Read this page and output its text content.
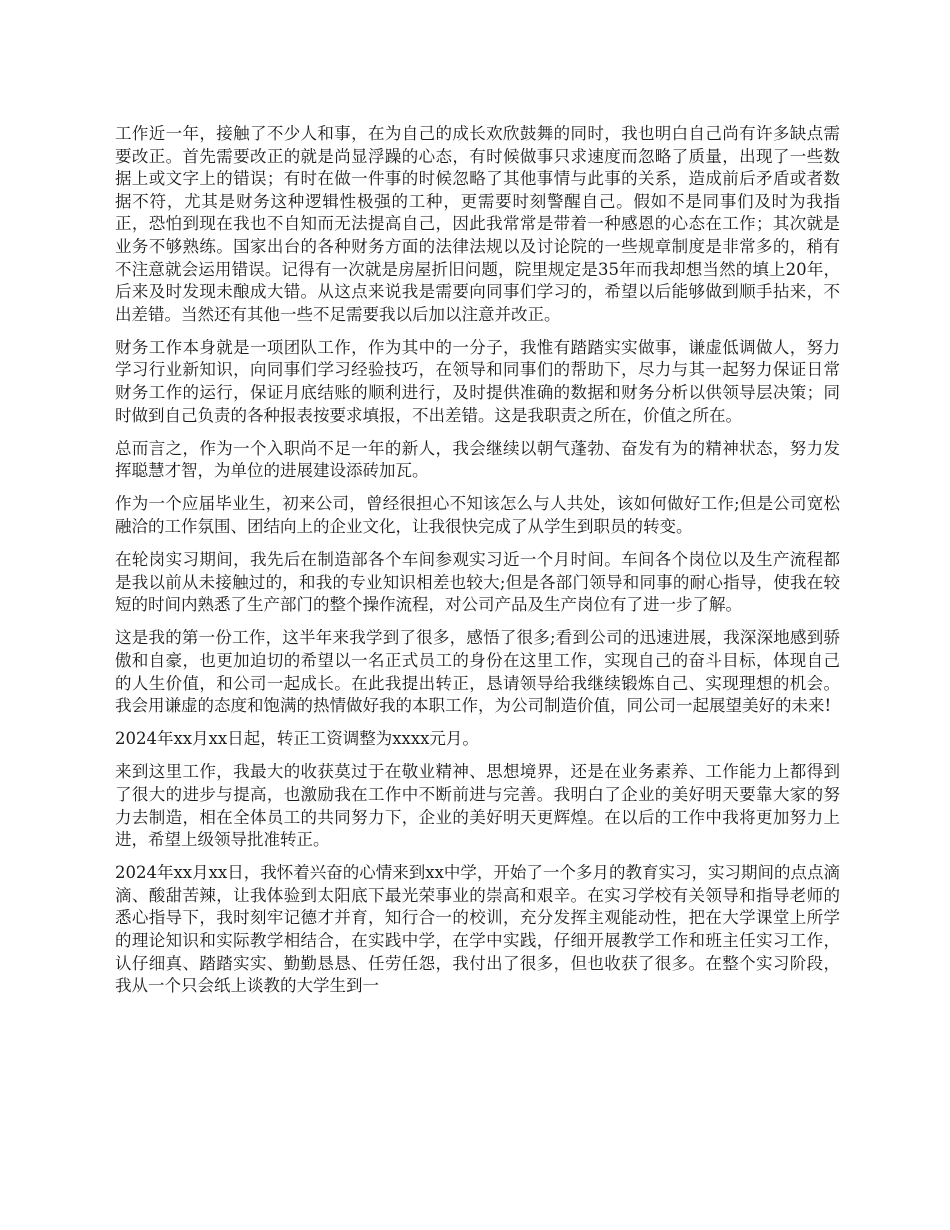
工作近一年，接触了不少人和事，在为自己的成长欢欣鼓舞的同时，我也明白自己尚有许多缺点需要改正。首先需要改正的就是尚显浮躁的心态，有时候做事只求速度而忽略了质量，出现了一些数据上或文字上的错误；有时在做一件事的时候忽略了其他事情与此事的关系，造成前后矛盾或者数据不符，尤其是财务这种逻辑性极强的工种，更需要时刻警醒自己。假如不是同事们及时为我指正，恐怕到现在我也不自知而无法提高自己，因此我常常是带着一种感恩的心态在工作；其次就是业务不够熟练。国家出台的各种财务方面的法律法规以及讨论院的一些规章制度是非常多的，稍有不注意就会运用错误。记得有一次就是房屋折旧问题，院里规定是35年而我却想当然的填上20年，后来及时发现未酿成大错。从这点来说我是需要向同事们学习的，希望以后能够做到顺手拈来，不出差错。当然还有其他一些不足需要我以后加以注意并改正。

财务工作本身就是一项团队工作，作为其中的一分子，我惟有踏踏实实做事，谦虚低调做人，努力学习行业新知识，向同事们学习经验技巧，在领导和同事们的帮助下，尽力与其一起努力保证日常财务工作的运行，保证月底结账的顺利进行，及时提供准确的数据和财务分析以供领导层决策；同时做到自己负责的各种报表按要求填报，不出差错。这是我职责之所在，价值之所在。

总而言之，作为一个入职尚不足一年的新人，我会继续以朝气蓬勃、奋发有为的精神状态，努力发挥聪慧才智，为单位的进展建设添砖加瓦。

作为一个应届毕业生，初来公司，曾经很担心不知该怎么与人共处，该如何做好工作;但是公司宽松融洽的工作氛围、团结向上的企业文化，让我很快完成了从学生到职员的转变。

在轮岗实习期间，我先后在制造部各个车间参观实习近一个月时间。车间各个岗位以及生产流程都是我以前从未接触过的，和我的专业知识相差也较大;但是各部门领导和同事的耐心指导，使我在较短的时间内熟悉了生产部门的整个操作流程，对公司产品及生产岗位有了进一步了解。

这是我的第一份工作，这半年来我学到了很多，感悟了很多;看到公司的迅速进展，我深深地感到骄傲和自豪，也更加迫切的希望以一名正式员工的身份在这里工作，实现自己的奋斗目标，体现自己的人生价值，和公司一起成长。在此我提出转正，恳请领导给我继续锻炼自己、实现理想的机会。我会用谦虚的态度和饱满的热情做好我的本职工作，为公司制造价值，同公司一起展望美好的未来!

2024年xx月xx日起，转正工资调整为xxxx元月。

来到这里工作，我最大的收获莫过于在敬业精神、思想境界，还是在业务素养、工作能力上都得到了很大的进步与提高，也激励我在工作中不断前进与完善。我明白了企业的美好明天要靠大家的努力去制造，相在全体员工的共同努力下，企业的美好明天更辉煌。在以后的工作中我将更加努力上进，希望上级领导批准转正。

2024年xx月xx日，我怀着兴奋的心情来到xx中学，开始了一个多月的教育实习，实习期间的点点滴滴、酸甜苦辣，让我体验到太阳底下最光荣事业的崇高和艰辛。在实习学校有关领导和指导老师的悉心指导下，我时刻牢记德才并育，知行合一的校训，充分发挥主观能动性，把在大学课堂上所学的理论知识和实际教学相结合，在实践中学，在学中实践，仔细开展教学工作和班主任实习工作，认仔细真、踏踏实实、勤勤恳恳、任劳任怨，我付出了很多，但也收获了很多。在整个实习阶段，我从一个只会纸上谈教的大学生到一
